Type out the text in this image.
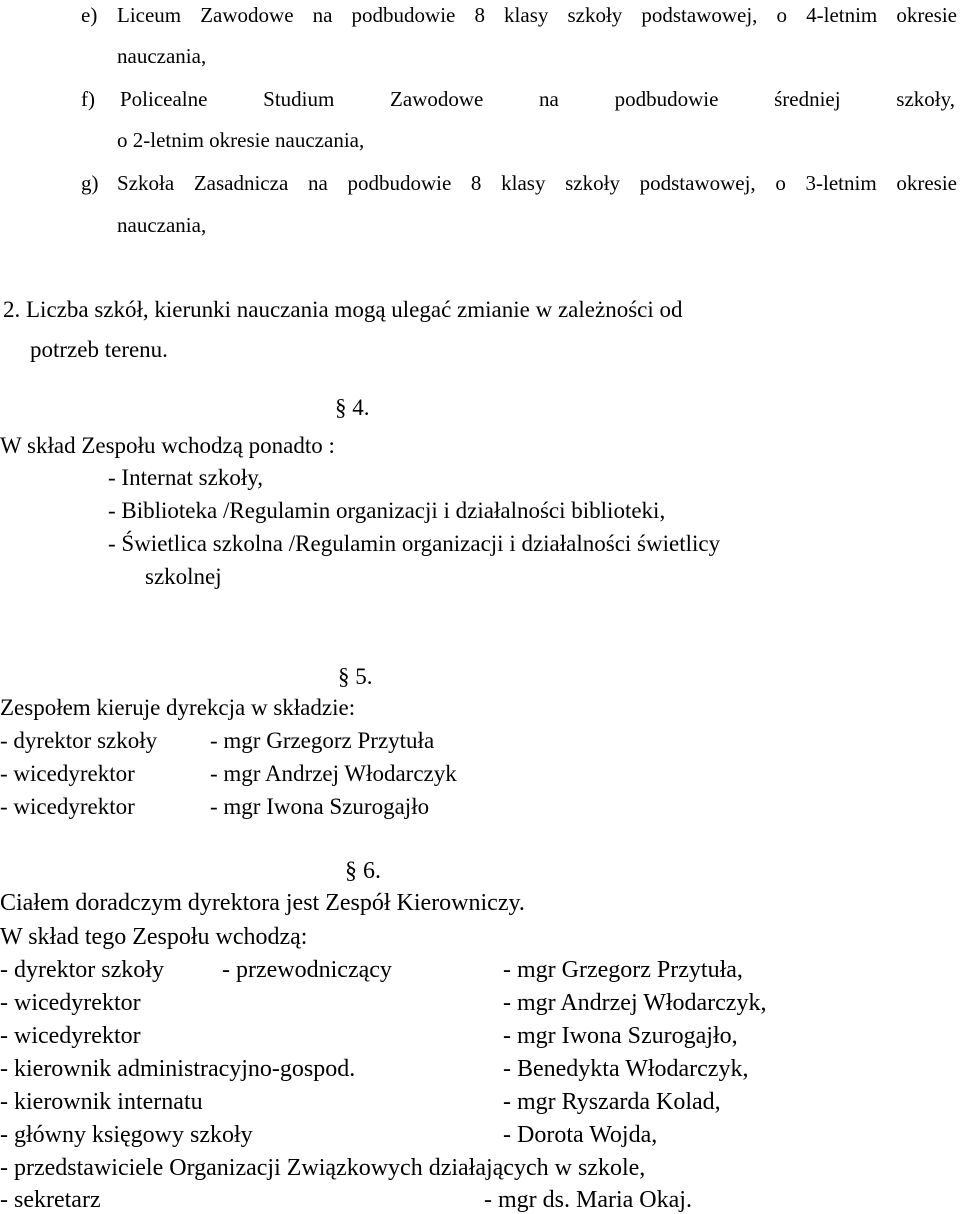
e) Liceum Zawodowe na podbudowie 8 klasy szkoły podstawowej, o 4-letnim okresie
nauczania,
f) Policealne Studium Zawodowe na podbudowie średniej szkoły,
o 2-letnim okresie nauczania,
g) Szkoła Zasadnicza na podbudowie 8 klasy szkoły podstawowej, o 3-letnim okresie
nauczania,
2. Liczba szkół, kierunki nauczania mogą ulegać zmianie w zależności od
potrzeb terenu.
§ 4.
W skład Zespołu wchodzą ponadto :
- Internat szkoły,
- Biblioteka /Regulamin organizacji i działalności biblioteki,
- Świetlica szkolna /Regulamin organizacji i działalności świetlicy
szkolnej
§ 5.
Zespołem kieruje dyrekcja w składzie:
- dyrektor szkoły - mgr Grzegorz Przytuła
- wicedyrektor	- mgr Andrzej Włodarczyk
- wicedyrektor	- mgr Iwona Szurogajło
§ 6.
Ciałem doradczym dyrektora jest Zespół Kierowniczy.
W skład tego Zespołu wchodzą:
- dyrektor szkoły - przewodniczący	- mgr Grzegorz Przytuła,
- wicedyrektor	- mgr Andrzej Włodarczyk,
- wicedyrektor	- mgr Iwona Szurogajło,
- kierownik administracyjno-gospod.	- Benedykta Włodarczyk,
- kierownik internatu	- mgr Ryszarda Kolad,
- główny księgowy szkoły	- Dorota Wojda,
- przedstawiciele Organizacji Związkowych działających w szkole,
- sekretarz	- mgr ds. Maria Okaj.
